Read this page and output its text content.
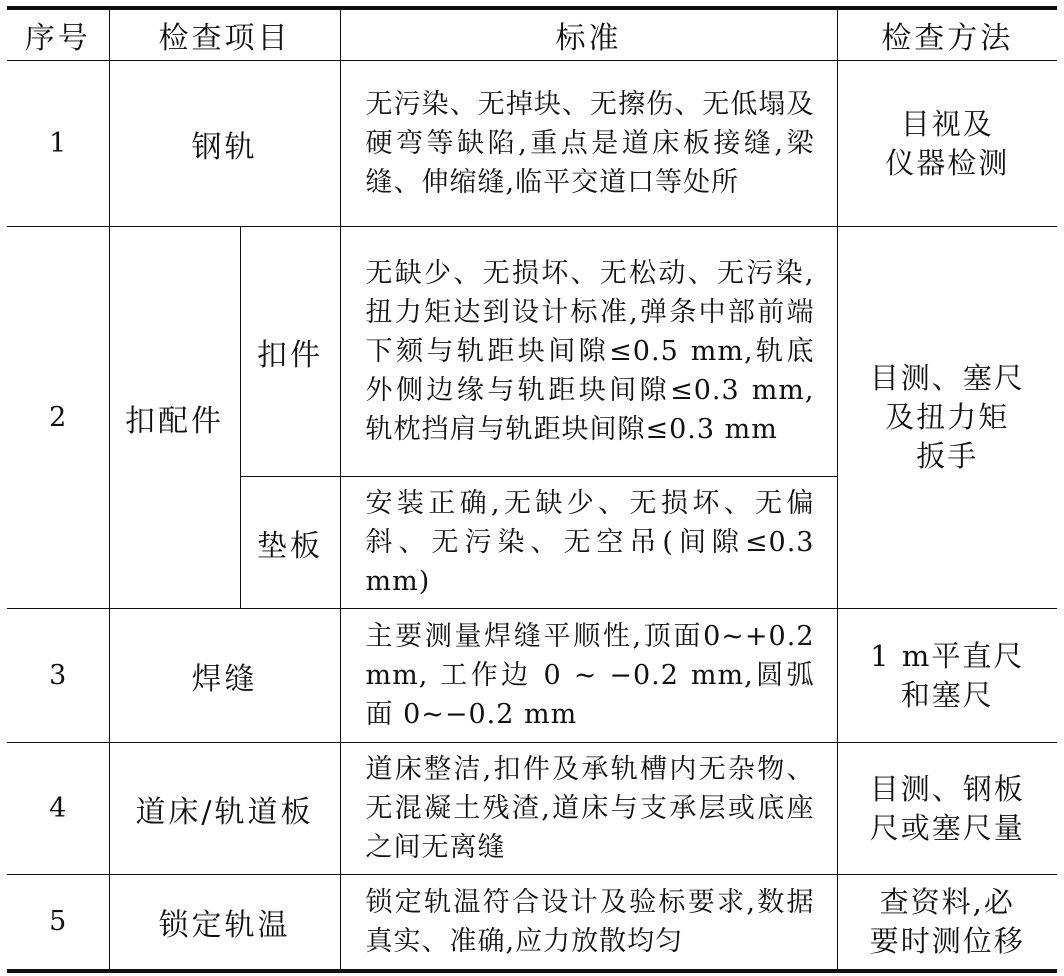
序号	检查项目		标准	检查方法
1	钢轨		无污染、无掉块、无擦伤、无低塌及硬弯等缺陷,重点是道床板接缝,梁缝、伸缩缝,临平交道口等处所	目视及
仪器检测

2	扣配件	扣件	无缺少、无损坏、无松动、无污染,扭力矩达到设计标准,弹条中部前端下颏与轨距块间隙≤0.5 mm,轨底外侧边缘与轨距块间隙≤0.3 mm,轨枕挡肩与轨距块间隙≤0.3 mm	目测、塞尺
及扭力矩
扳手

		垫板	安装正确,无缺少、无损坏、无偏斜、无污染、无空吊(间隙≤0.3 mm)	
3	焊缝		主要测量焊缝平顺性,顶面0~+0.2 mm, 工作边 0 ~ −0.2 mm,圆弧面 0~−0.2 mm	1 m平直尺
和塞尺

4	道床/轨道板		道床整洁,扣件及承轨槽内无杂物、无混凝土残渣,道床与支承层或底座之间无离缝	目测、钢板
尺或塞尺量

5	锁定轨温		锁定轨温符合设计及验标要求,数据真实、准确,应力放散均匀	查资料,必
要时测位移
